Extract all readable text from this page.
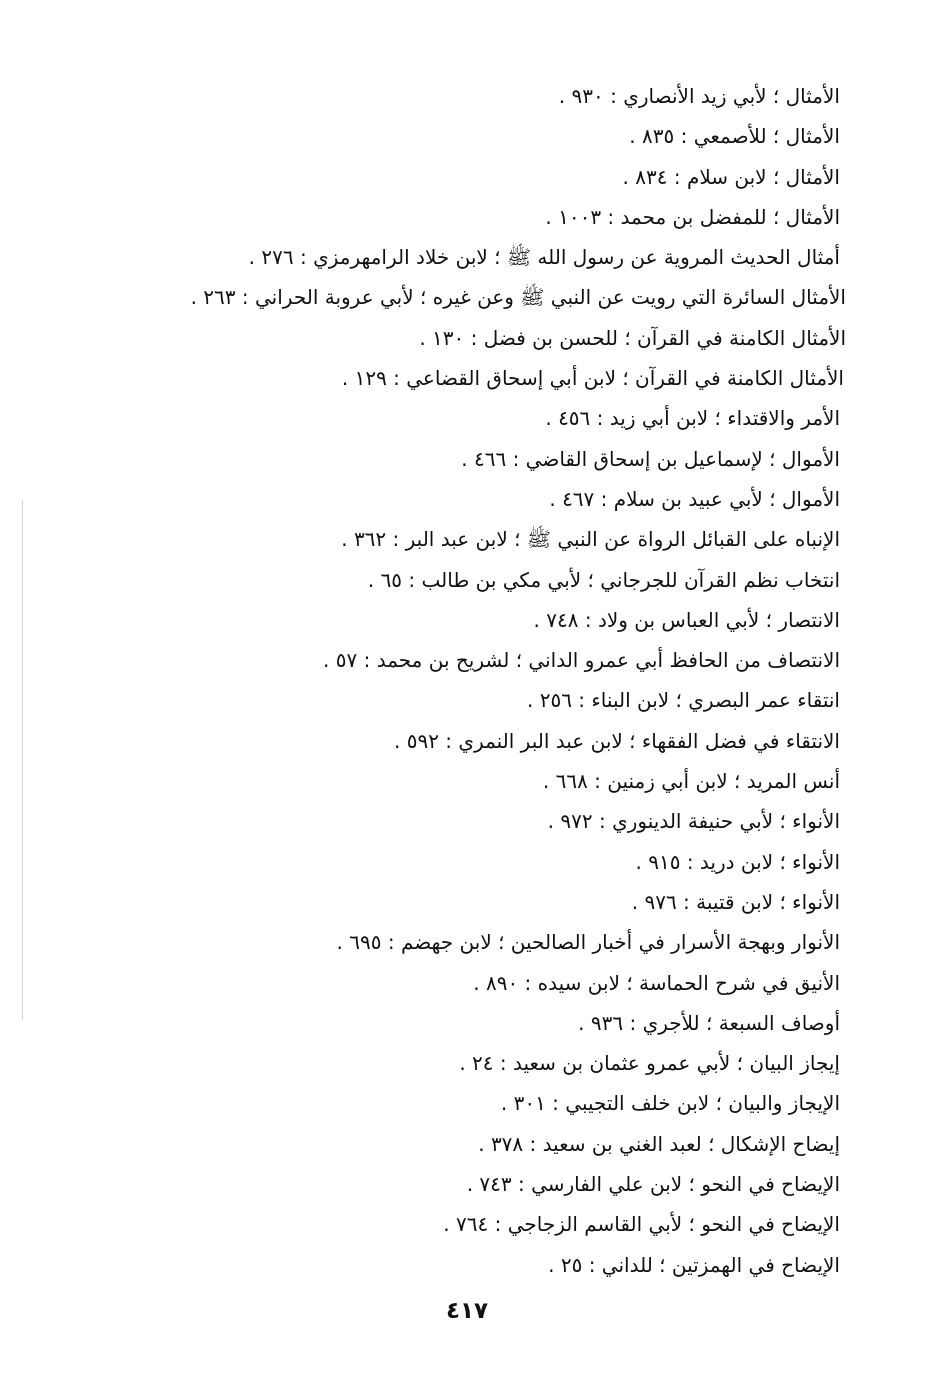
الأمثال ؛ لأبي زيد الأنصاري : ٩٣٠ .
الأمثال ؛ للأصمعي : ٨٣٥ .
الأمثال ؛ لابن سلام : ٨٣٤ .
الأمثال ؛ للمفضل بن محمد : ١٠٠٣ .
أمثال الحديث المروية عن رسول الله ﷺ ؛ لابن خلاد الرامهرمزي : ٢٧٦ .
الأمثال السائرة التي رويت عن النبي ﷺ وعن غيره ؛ لأبي عروبة الحراني : ٢٦٣ .
الأمثال الكامنة في القرآن ؛ للحسن بن فضل : ١٣٠ .
الأمثال الكامنة في القرآن ؛ لابن أبي إسحاق القضاعي : ١٢٩ .
الأمر والاقتداء ؛ لابن أبي زيد : ٤٥٦ .
الأموال ؛ لإسماعيل بن إسحاق القاضي : ٤٦٦ .
الأموال ؛ لأبي عبيد بن سلام : ٤٦٧ .
الإنباه على القبائل الرواة عن النبي ﷺ ؛ لابن عبد البر : ٣٦٢ .
انتخاب نظم القرآن للجرجاني ؛ لأبي مكي بن طالب : ٦٥ .
الانتصار ؛ لأبي العباس بن ولاد : ٧٤٨ .
الانتصاف من الحافظ أبي عمرو الداني ؛ لشريح بن محمد : ٥٧ .
انتقاء عمر البصري ؛ لابن البناء : ٢٥٦ .
الانتقاء في فضل الفقهاء ؛ لابن عبد البر النمري : ٥٩٢ .
أنس المريد ؛ لابن أبي زمنين : ٦٦٨ .
الأنواء ؛ لأبي حنيفة الدينوري : ٩٧٢ .
الأنواء ؛ لابن دريد : ٩١٥ .
الأنواء ؛ لابن قتيبة : ٩٧٦ .
الأنوار وبهجة الأسرار في أخبار الصالحين ؛ لابن جهضم : ٦٩٥ .
الأنيق في شرح الحماسة ؛ لابن سيده : ٨٩٠ .
أوصاف السبعة ؛ للأجري : ٩٣٦ .
إيجاز البيان ؛ لأبي عمرو عثمان بن سعيد : ٢٤ .
الإيجاز والبيان ؛ لابن خلف التجيبي : ٣٠١ .
إيضاح الإشكال ؛ لعبد الغني بن سعيد : ٣٧٨ .
الإيضاح في النحو ؛ لابن علي الفارسي : ٧٤٣ .
الإيضاح في النحو ؛ لأبي القاسم الزجاجي : ٧٦٤ .
الإيضاح في الهمزتين ؛ للداني : ٢٥ .
٤١٧
